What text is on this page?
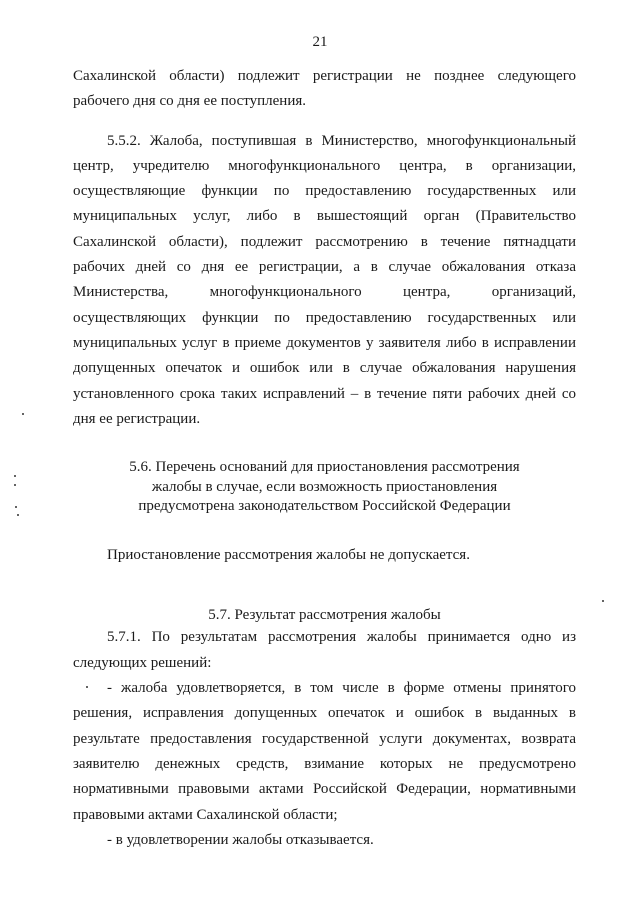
21

Сахалинской области) подлежит регистрации не позднее следующего рабочего дня со дня ее поступления.

5.5.2. Жалоба, поступившая в Министерство, многофункциональный центр, учредителю многофункционального центра, в организации, осуществляющие функции по предоставлению государственных или муниципальных услуг, либо в вышестоящий орган (Правительство Сахалинской области), подлежит рассмотрению в течение пятнадцати рабочих дней со дня ее регистрации, а в случае обжалования отказа Министерства, многофункционального центра, организаций, осуществляющих функции по предоставлению государственных или муниципальных услуг в приеме документов у заявителя либо в исправлении допущенных опечаток и ошибок или в случае обжалования нарушения установленного срока таких исправлений – в течение пяти рабочих дней со дня ее регистрации.

5.6. Перечень оснований для приостановления рассмотрения

жалобы в случае, если возможность приостановления

предусмотрена законодательством Российской Федерации

Приостановление рассмотрения жалобы не допускается.

5.7. Результат рассмотрения жалобы

5.7.1. По результатам рассмотрения жалобы принимается одно из следующих решений:

- жалоба удовлетворяется, в том числе в форме отмены принятого решения, исправления допущенных опечаток и ошибок в выданных в результате предоставления государственной услуги документах, возврата заявителю денежных средств, взимание которых не предусмотрено нормативными правовыми актами Российской Федерации, нормативными правовыми актами Сахалинской области;

- в удовлетворении жалобы отказывается.
